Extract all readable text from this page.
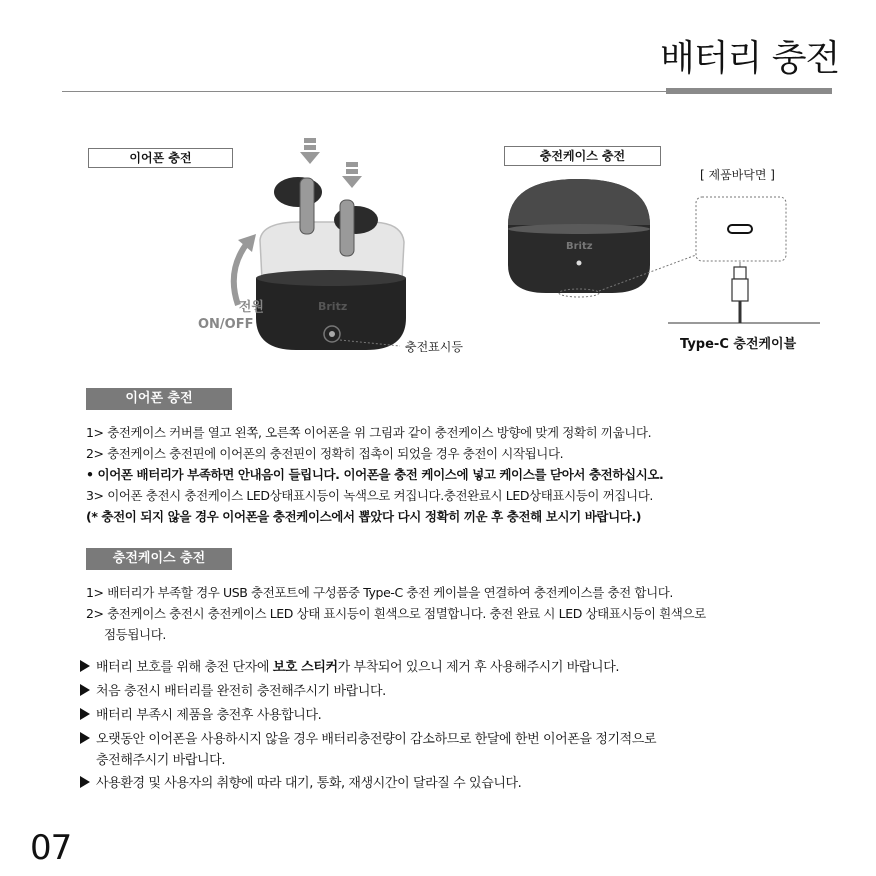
배터리 충전
이어폰 충전
Britz
전원
ON/OFF
충전표시등
충전케이스 충전
[ 제품바닥면 ]
Britz
Type-C 충전케이블
이어폰 충전
1> 충전케이스 커버를 열고 왼쪽, 오른쪽 이어폰을 위 그림과 같이 충전케이스 방향에 맞게 정확히 끼웁니다.
2> 충전케이스 충전핀에 이어폰의 충전핀이 정확히 접촉이 되었을 경우 충전이 시작됩니다.
• 이어폰 배터리가 부족하면 안내음이 들립니다. 이어폰을 충전 케이스에 넣고 케이스를 닫아서 충전하십시오.
3> 이어폰 충전시 충전케이스 LED상태표시등이 녹색으로 켜집니다.충전완료시 LED상태표시등이 꺼집니다.
(* 충전이 되지 않을 경우 이어폰을 충전케이스에서 뽑았다 다시 정확히 끼운 후 충전해 보시기 바랍니다.)
충전케이스 충전
1> 배터리가 부족할 경우 USB 충전포트에 구성품중 Type-C 충전 케이블을 연결하여 충전케이스를 충전 합니다.
2> 충전케이스 충전시 충전케이스 LED 상태 표시등이 흰색으로 점멸합니다. 충전 완료 시 LED 상태표시등이 흰색으로
점등됩니다.
배터리 보호를 위해 충전 단자에 보호 스티커가 부착되어 있으니 제거 후 사용해주시기 바랍니다.
처음 충전시 배터리를 완전히 충전해주시기 바랍니다.
배터리 부족시 제품을 충전후 사용합니다.
오랫동안 이어폰을 사용하시지 않을 경우 배터리충전량이 감소하므로 한달에 한번 이어폰을 정기적으로
충전해주시기 바랍니다.
사용환경 및 사용자의 취향에 따라 대기, 통화, 재생시간이 달라질 수 있습니다.
07
